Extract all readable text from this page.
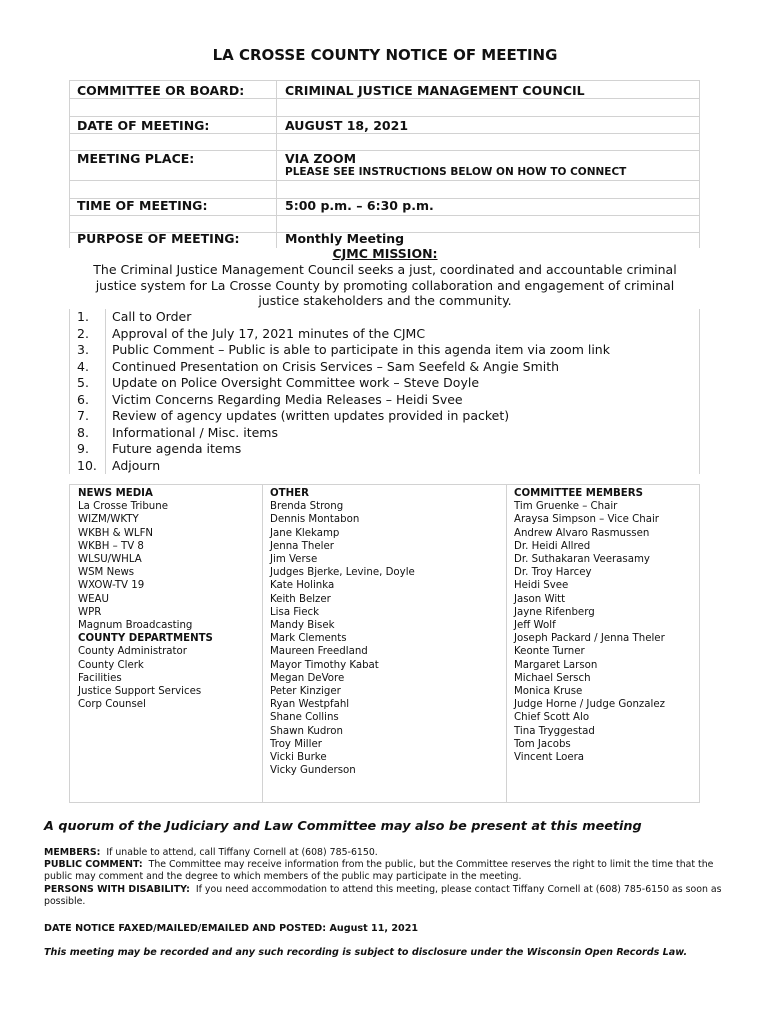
LA CROSSE COUNTY NOTICE OF MEETING
COMMITTEE OR BOARD:	CRIMINAL JUSTICE MANAGEMENT COUNCIL
DATE OF MEETING:	AUGUST 18, 2021
MEETING PLACE:	VIA ZOOM
PLEASE SEE INSTRUCTIONS BELOW ON HOW TO CONNECT
TIME OF MEETING:	5:00 p.m. – 6:30 p.m.
PURPOSE OF MEETING:	Monthly Meeting
CJMC MISSION:
The Criminal Justice Management Council seeks a just, coordinated and accountable criminal justice system for La Crosse County by promoting collaboration and engagement of criminal justice stakeholders and the community.
1. Call to Order
2. Approval of the July 17, 2021 minutes of the CJMC
3. Public Comment – Public is able to participate in this agenda item via zoom link
4. Continued Presentation on Crisis Services – Sam Seefeld & Angie Smith
5. Update on Police Oversight Committee work – Steve Doyle
6. Victim Concerns Regarding Media Releases – Heidi Svee
7. Review of agency updates (written updates provided in packet)
8. Informational / Misc. items
9. Future agenda items
10. Adjourn
NEWS MEDIA
La Crosse Tribune
WIZM/WKTY
WKBH & WLFN
WKBH – TV 8
WLSU/WHLA
WSM News
WXOW-TV 19
WEAU
WPR
Magnum Broadcasting
COUNTY DEPARTMENTS
County Administrator
County Clerk
Facilities
Justice Support Services
Corp Counsel
OTHER
Brenda Strong
Dennis Montabon
Jane Klekamp
Jenna Theler
Jim Verse
Judges Bjerke, Levine, Doyle
Kate Holinka
Keith Belzer
Lisa Fieck
Mandy Bisek
Mark Clements
Maureen Freedland
Mayor Timothy Kabat
Megan DeVore
Peter Kinziger
Ryan Westpfahl
Shane Collins
Shawn Kudron
Troy Miller
Vicki Burke
Vicky Gunderson
COMMITTEE MEMBERS
Tim Gruenke – Chair
Araysa Simpson – Vice Chair
Andrew Alvaro Rasmussen
Dr. Heidi Allred
Dr. Suthakaran Veerasamy
Dr. Troy Harcey
Heidi Svee
Jason Witt
Jayne Rifenberg
Jeff Wolf
Joseph Packard / Jenna Theler
Keonte Turner
Margaret Larson
Michael Sersch
Monica Kruse
Judge Horne / Judge Gonzalez
Chief Scott Alo
Tina Tryggestad
Tom Jacobs
Vincent Loera
A quorum of the Judiciary and Law Committee may also be present at this meeting
MEMBERS: If unable to attend, call Tiffany Cornell at (608) 785-6150.
PUBLIC COMMENT: The Committee may receive information from the public, but the Committee reserves the right to limit the time that the public may comment and the degree to which members of the public may participate in the meeting.
PERSONS WITH DISABILITY: If you need accommodation to attend this meeting, please contact Tiffany Cornell at (608) 785-6150 as soon as possible.
DATE NOTICE FAXED/MAILED/EMAILED AND POSTED: August 11, 2021
This meeting may be recorded and any such recording is subject to disclosure under the Wisconsin Open Records Law.
